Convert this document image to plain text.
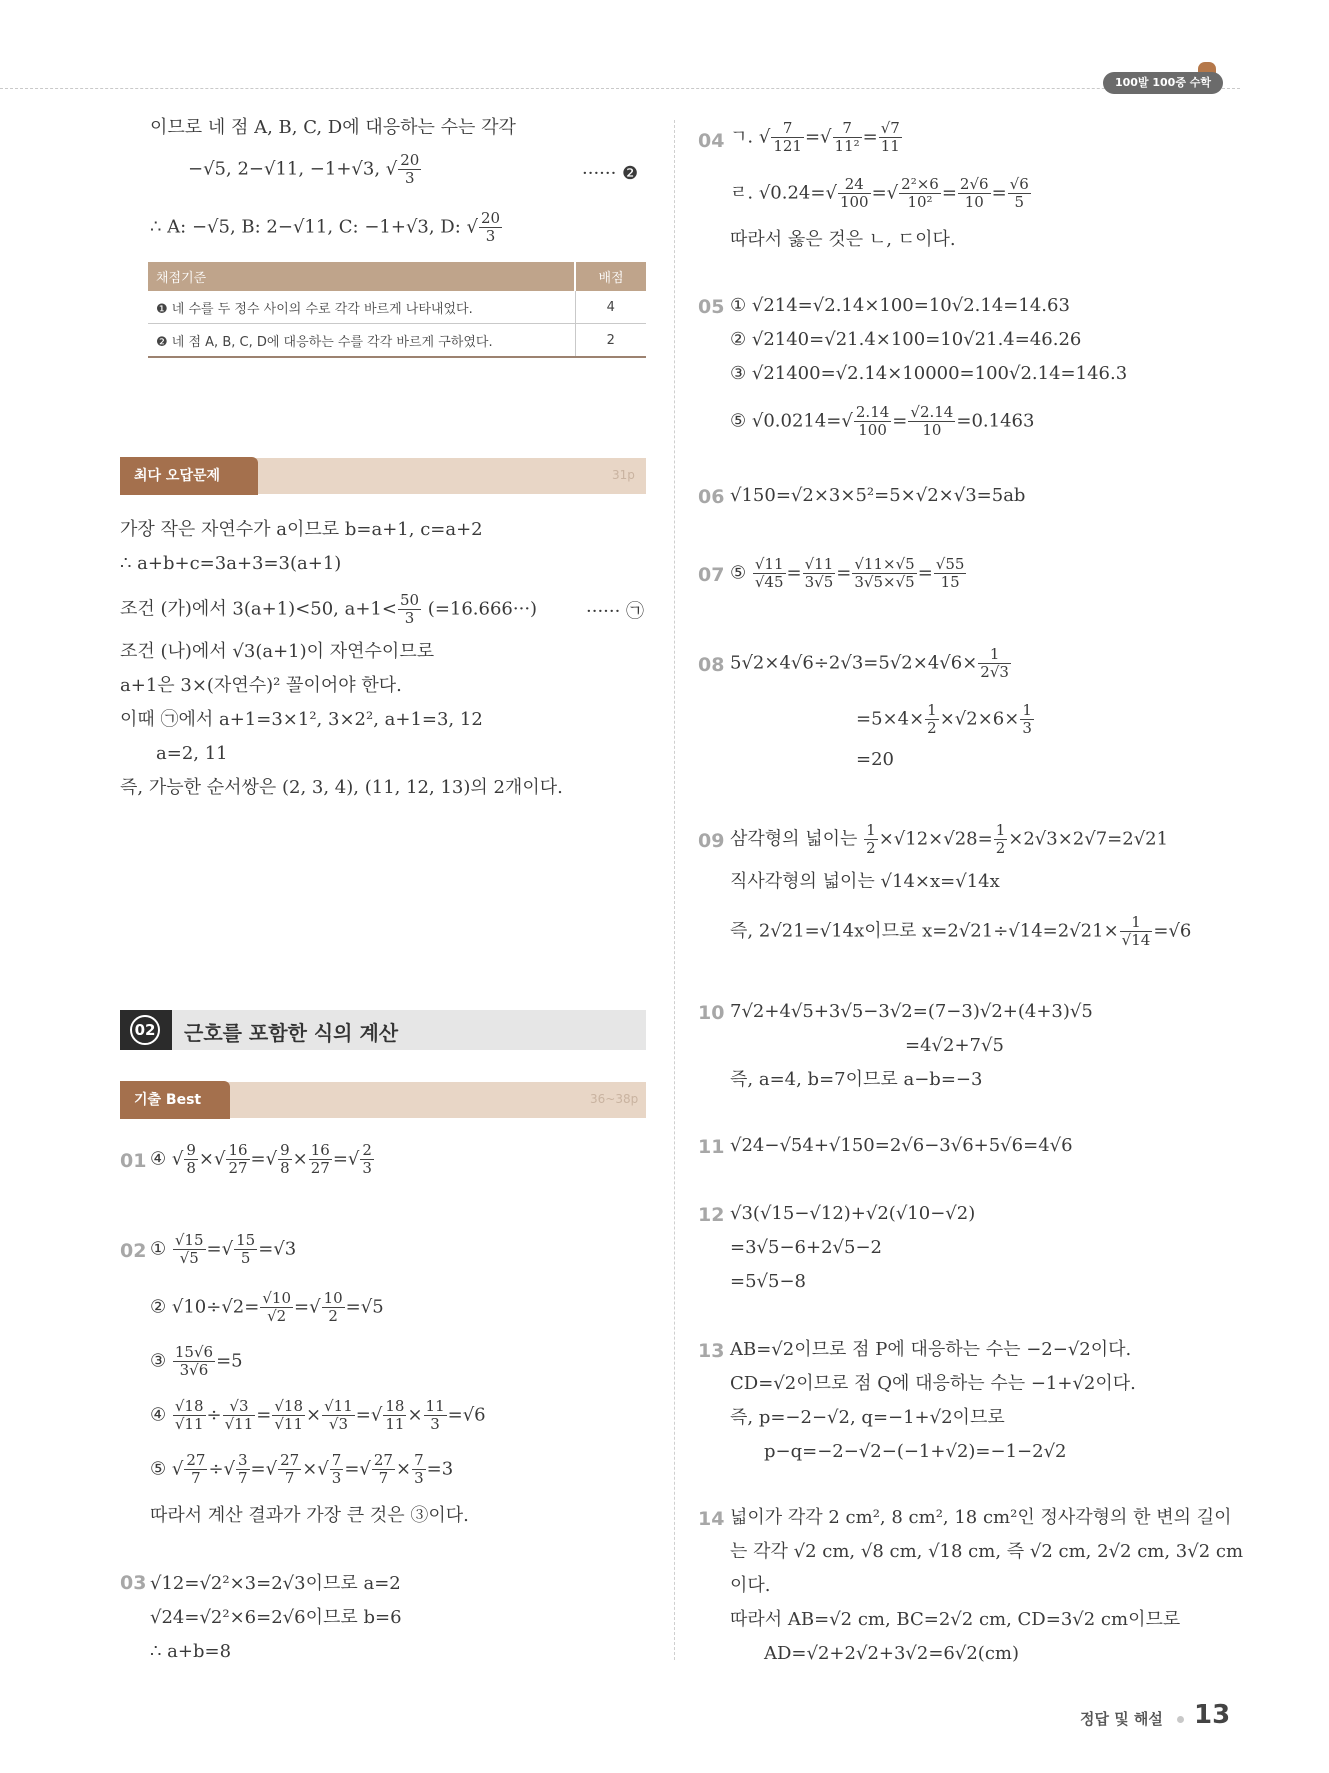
100발 100중 수학
이므로 네 점 A, B, C, D에 대응하는 수는 각각
−√5, 2−√11, −1+√3, √ $\frac{20}{3}$	······ ❷
∴ A: −√5, B: 2−√11, C: −1+√3, D: √ $\frac{20}{3}$
채점기준	배점
❶ 네 수를 두 정수 사이의 수로 각각 바르게 나타내었다.	4
❷ 네 점 A, B, C, D에 대응하는 수를 각각 바르게 구하였다.	2
최다 오답문제	31p
가장 작은 자연수가 a이므로 b=a+1, c=a+2
∴ a+b+c=3a+3=3(a+1)
조건 (가)에서 3(a+1)<50, $a+1< \frac{50}{3} (=16.666\cdot\cdot\cdot)$	······ ㉠
조건 (나)에서 √3(a+1)이 자연수이므로
a+1은 3×(자연수)² 꼴이어야 한다.
이때 ㉠에서 a+1=3×1², 3×2², a+1=3, 12
a=2, 11
즉, 가능한 순서쌍은 (2, 3, 4), (11, 12, 13)의 2개이다.
02 근호를 포함한 식의 계산
기출 Best	36~38p
01 ④ √ $\frac{9}{8}$ ×√ $\frac{16}{27}$ =√ $\frac{9}{8} \times \frac{16}{27}$ =√ $\frac{2}{3}$
02 ① $\frac{√15}{√5}$ =√ $\frac{15}{5} =√3$
② $√10\div√2= \frac{√10}{√2}$ =√ $\frac{10}{2} =√5$
③ $\frac{15√6}{3√6} =5$
④ $\frac{√18}{√11} \div \frac{√3}{√11} = \frac{√18}{√11} \times \frac{√11}{√3}$ =√ $\frac{18}{11} \times \frac{11}{3} =√6$
⑤ √ $\frac{27}{7}$ ÷√ $\frac{3}{7}$ =√ $\frac{27}{7}$ ×√ $\frac{7}{3}$ =√ $\frac{27}{7} \times \frac{7}{3} =3$
따라서 계산 결과가 가장 큰 것은 ③이다.
03 √12=√2²×3=2√3이므로 a=2
√24=√2²×6=2√6이므로 b=6
∴ a+b=8
04 ㄱ. √ $\frac{7}{121}$ =√ $\frac{7}{\text{11²}} = \frac{√7}{11}$
ㄹ. $√0.24=√ \frac{24}{100}$ =√ $\frac{\text{2²×6}}{\text{10²}} = \frac{2√6}{10} = \frac{√6}{5}$
따라서 옳은 것은 ㄴ, ㄷ이다.
05 ① √214=√2.14×100=10√2.14=14.63
② √2140=√21.4×100=10√21.4=46.26
③ √21400=√2.14×10000=100√2.14=146.3
⑤ $√0.0214=√ \frac{2.14}{100} = \frac{√2.14}{10} =0.1463$
06 √150=√2×3×5²=5×√2×√3=5ab
07 ⑤ $\frac{√11}{√45} = \frac{√11}{3√5} = \frac{√11\times√5}{3√5\times√5} = \frac{√55}{15}$
08 $5√2\times 4√6\div 2√3=5√2\times 4√6\times \frac{1}{2√3}$
$=5\times 4\times \frac{1}{2} \times√2\times 6\times \frac{1}{3}$
=20
09 삼각형의 넓이는 $\frac{1}{2} \times√12\times√28= \frac{1}{2} \times 2√3\times 2√7=2√21$
직사각형의 넓이는 √14×x=√14x
즉, 2√21=√14x이므로 $x=2√21\div√14=2√21\times \frac{1}{√14} =√6$
10 7√2+4√5+3√5−3√2=(7−3)√2+(4+3)√5
=4√2+7√5
즉, a=4, b=7이므로 a−b=−3
11 √24−√54+√150=2√6−3√6+5√6=4√6
12 √3(√15−√12)+√2(√10−√2)
=3√5−6+2√5−2
=5√5−8
13 AB=√2이므로 점 P에 대응하는 수는 −2−√2이다.
CD=√2이므로 점 Q에 대응하는 수는 −1+√2이다.
즉, p=−2−√2, q=−1+√2이므로
p−q=−2−√2−(−1+√2)=−1−2√2
14 넓이가 각각 2 cm², 8 cm², 18 cm²인 정사각형의 한 변의 길이
는 각각 √2 cm, √8 cm, √18 cm, 즉 √2 cm, 2√2 cm, 3√2 cm
이다.
따라서 AB=√2 cm, BC=2√2 cm, CD=3√2 cm이므로
AD=√2+2√2+3√2=6√2(cm)
정답 및 해설 13
